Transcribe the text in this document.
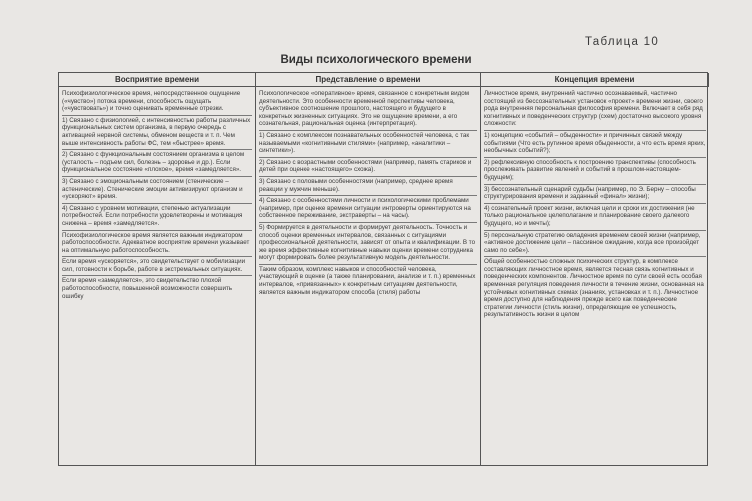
Таблица 10
Виды психологического времени
Восприятие времени	Представление о времени	Концепция времени

Психофизиологическое время, непосредственное ощущение («чувство») потока времени, способность ощущать («чувствовать») и точно оценивать временные отрезки.

1) Связано с физиологией, с интенсивностью работы различных функциональных систем организма, в первую очередь с активацией нервной системы, обменом веществ и т. п. Чем выше интенсивность работы ФС, тем «быстрее» время.

2) Связано с функциональным состоянием организма в целом (усталость – подъем сил, болезнь – здоровье и др.). Если функциональное состояние «плохое», время «замедляется».

3) Связано с эмоциональным состоянием (стенические – астенические). Стенические эмоции активизируют организм и «ускоряют» время.

4) Связано с уровнем мотивации, степенью актуализации потребностей. Если потребности удовлетворены и мотивация снижена – время «замедляется».

Психофизиологическое время является важным индикатором работоспособности. Адекватное восприятие времени указывает на оптимальную работоспособность.

Если время «ускоряется», это свидетельствует о мобилизации сил, готовности к борьбе, работе в экстремальных ситуациях.

Если время «замедляется», это свидетельство плохой работоспособности, повышенной возможности совершить ошибку

Психологическое «оперативное» время, связанное с конкретным видом деятельности. Это особенности временной перспективы человека, субъективное соотношение прошлого, настоящего и будущего в конкретных жизненных ситуациях. Это не ощущение времени, а его сознательная, рациональная оценка (интерпретация).

1) Связано с комплексом познавательных особенностей человека, с так называемыми «когнитивными стилями» (например, «аналитики – синтетики»).

2) Связано с возрастными особенностями (например, память стариков и детей при оценке «настоящего» схожа).

3) Связано с половыми особенностями (например, среднее время реакции у мужчин меньше).

4) Связано с особенностями личности и психологическими проблемами (например, при оценке времени ситуации интроверты ориентируются на собственное переживание, экстраверты – на часы).

5) Формируется в деятельности и формирует деятельность. Точность и способ оценки временных интервалов, связанных с ситуациями профессиональной деятельности, зависят от опыта и квалификации. В то же время эффективные когнитивные навыки оценки времени сотрудника могут формировать более результативную модель деятельности.

Таким образом, комплекс навыков и способностей человека, участвующий в оценке (а также планировании, анализе и т. п.) временных интервалов, «привязанных» к конкретным ситуациям деятельности, является важным индикатором способа (стиля) работы

Личностное время, внутренний частично осознаваемый, частично состоящий из бессознательных установок «проект» времени жизни, своего рода внутренняя персональная философия времени. Включает в себя ряд когнитивных и поведенческих структур (схем) достаточно высокого уровня сложности:

1) концепцию «событий – обыденности» и причинных связей между событиями (Что есть рутинное время обыденности, а что есть время ярких, необычных событий?);

2) рефлексивную способность к построению транспективы (способность прослеживать развитие явлений и событий в прошлом-настоящем-будущем);

3) бессознательный сценарий судьбы (например, по Э. Берну – способы структурирования времени и заданный «финал» жизни);

4) сознательный проект жизни, включая цели и сроки их достижения (не только рациональное целеполагание и планирование своего далекого будущего, но и мечты);

5) персональную стратегию овладения временем своей жизни (например, «активное достижение цели – пассивное ожидание, когда все произойдет само по себе»).

Общей особенностью сложных психических структур, в комплексе составляющих личностное время, является тесная связь когнитивных и поведенческих компонентов. Личностное время по сути своей есть особая временная регуляция поведения личности в течение жизни, основанная на устойчивых когнитивных схемах (знаниях, установках и т. п.). Личностное время доступно для наблюдения прежде всего как поведенческие стратегии личности (стиль жизни), определяющие ее успешность, результативность жизни в целом
